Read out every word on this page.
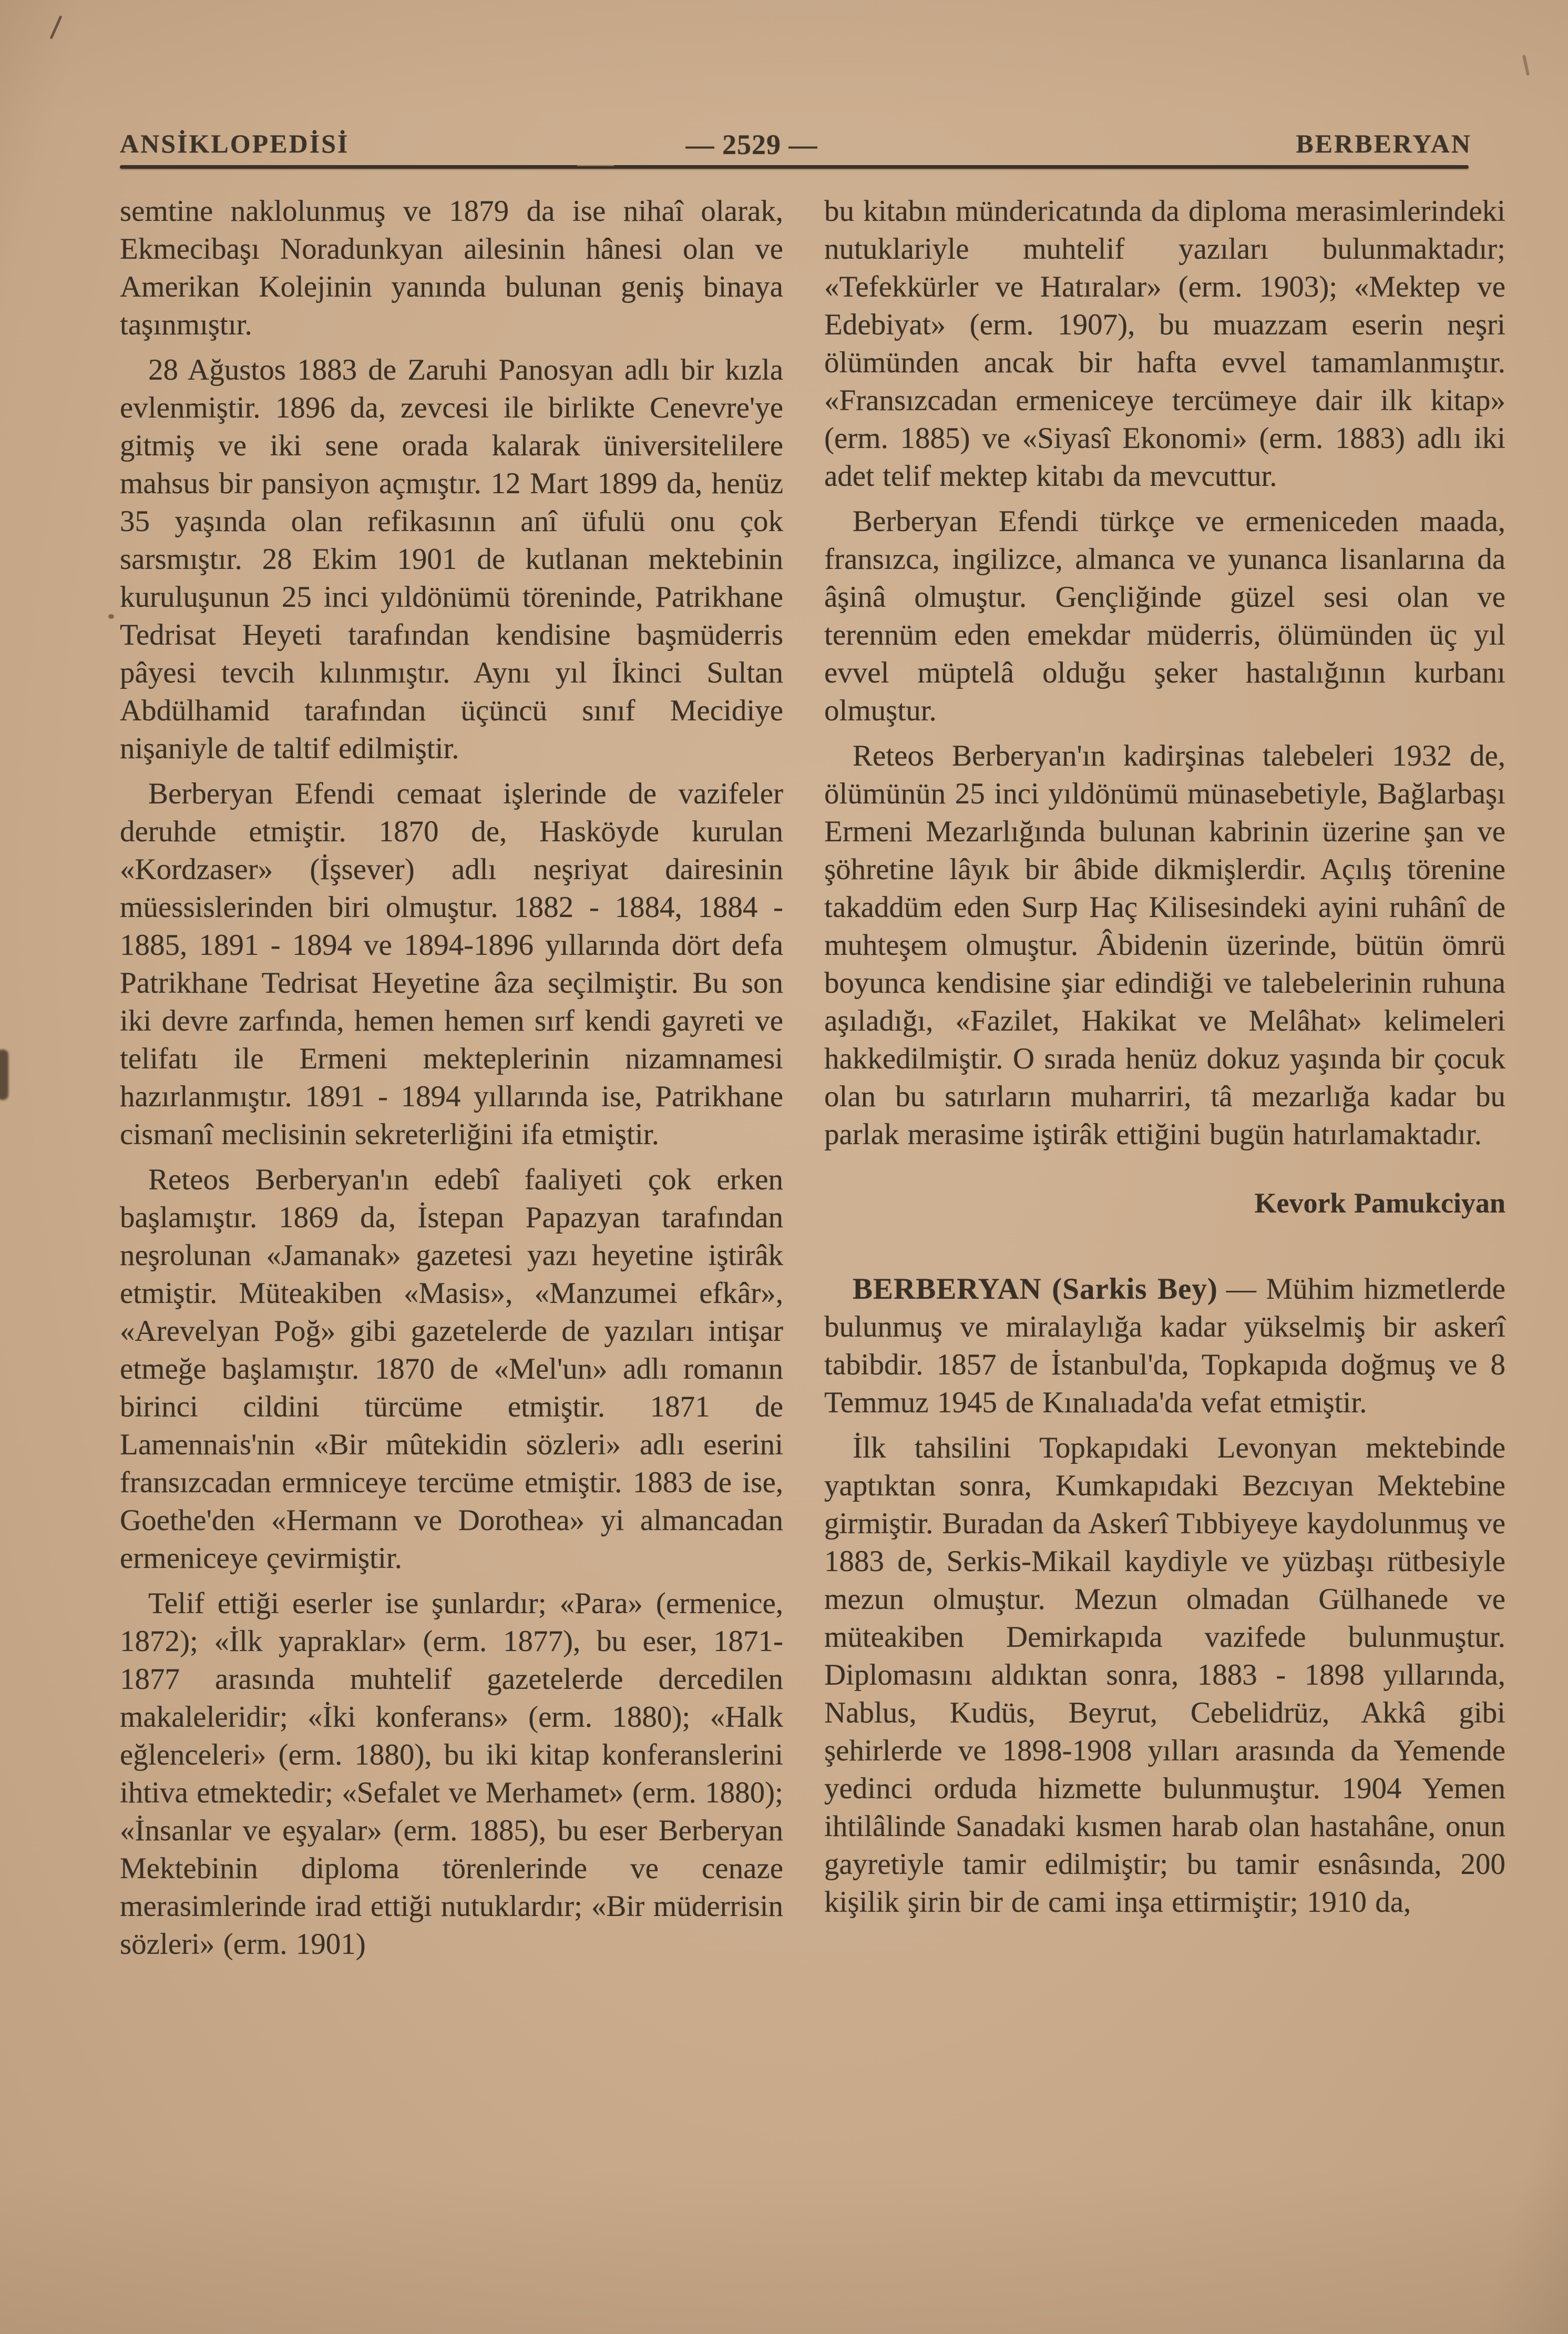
ANSİKLOPEDİSİ	— 2529 —	BERBERYAN

semtine naklolunmuş ve 1879 da ise nihaî olarak, Ekmecibaşı Noradunkyan ailesinin hânesi olan ve Amerikan Kolejinin yanında bulunan geniş binaya taşınmıştır.

28 Ağustos 1883 de Zaruhi Panosyan adlı bir kızla evlenmiştir. 1896 da, zevcesi ile birlikte Cenevre'ye gitmiş ve iki sene orada kalarak üniversitelilere mahsus bir pansiyon açmıştır. 12 Mart 1899 da, henüz 35 yaşında olan refikasının anî üfulü onu çok sarsmıştır. 28 Ekim 1901 de kutlanan mektebinin kuruluşunun 25 inci yıldönümü töreninde, Patrikhane Tedrisat Heyeti tarafından kendisine başmüderris pâyesi tevcih kılınmıştır. Aynı yıl İkinci Sultan Abdülhamid tarafından üçüncü sınıf Mecidiye nişaniyle de taltif edilmiştir.

Berberyan Efendi cemaat işlerinde de vazifeler deruhde etmiştir. 1870 de, Hasköyde kurulan «Kordzaser» (İşsever) adlı neşriyat dairesinin müessislerinden biri olmuştur. 1882 - 1884, 1884 - 1885, 1891 - 1894 ve 1894-1896 yıllarında dört defa Patrikhane Tedrisat Heyetine âza seçilmiştir. Bu son iki devre zarfında, hemen hemen sırf kendi gayreti ve telifatı ile Ermeni mekteplerinin nizamnamesi hazırlanmıştır. 1891 - 1894 yıllarında ise, Patrikhane cismanî meclisinin sekreterliğini ifa etmiştir.

Reteos Berberyan'ın edebî faaliyeti çok erken başlamıştır. 1869 da, İstepan Papazyan tarafından neşrolunan «Jamanak» gazetesi yazı heyetine iştirâk etmiştir. Müteakiben «Masis», «Manzumei efkâr», «Arevelyan Poğ» gibi gazetelerde de yazıları intişar etmeğe başlamıştır. 1870 de «Mel'un» adlı romanın birinci cildini türcüme etmiştir. 1871 de Lamennais'nin «Bir mûtekidin sözleri» adlı eserini fransızcadan ermniceye tercüme etmiştir. 1883 de ise, Goethe'den «Hermann ve Dorothea» yi almancadan ermeniceye çevirmiştir.

Telif ettiği eserler ise şunlardır; «Para» (ermenice, 1872); «İlk yapraklar» (erm. 1877), bu eser, 1871-1877 arasında muhtelif gazetelerde dercedilen makaleleridir; «İki konferans» (erm. 1880); «Halk eğlenceleri» (erm. 1880), bu iki kitap konferanslerini ihtiva etmektedir; «Sefalet ve Merhamet» (erm. 1880); «İnsanlar ve eşyalar» (erm. 1885), bu eser Berberyan Mektebinin diploma törenlerinde ve cenaze merasimlerinde irad ettiği nutuklardır; «Bir müderrisin sözleri» (erm. 1901)

bu kitabın mündericatında da diploma merasimlerindeki nutuklariyle muhtelif yazıları bulunmaktadır; «Tefekkürler ve Hatıralar» (erm. 1903); «Mektep ve Edebiyat» (erm. 1907), bu muazzam eserin neşri ölümünden ancak bir hafta evvel tamamlanmıştır. «Fransızcadan ermeniceye tercümeye dair ilk kitap» (erm. 1885) ve «Siyasî Ekonomi» (erm. 1883) adlı iki adet telif mektep kitabı da mevcuttur.

Berberyan Efendi türkçe ve ermeniceden maada, fransızca, ingilizce, almanca ve yunanca lisanlarına da âşinâ olmuştur. Gençliğinde güzel sesi olan ve terennüm eden emekdar müderris, ölümünden üç yıl evvel müptelâ olduğu şeker hastalığının kurbanı olmuştur.

Reteos Berberyan'ın kadirşinas talebeleri 1932 de, ölümünün 25 inci yıldönümü münasebetiyle, Bağlarbaşı Ermeni Mezarlığında bulunan kabrinin üzerine şan ve şöhretine lâyık bir âbide dikmişlerdir. Açılış törenine takaddüm eden Surp Haç Kilisesindeki ayini ruhânî de muhteşem olmuştur. Âbidenin üzerinde, bütün ömrü boyunca kendisine şiar edindiği ve talebelerinin ruhuna aşıladığı, «Fazilet, Hakikat ve Melâhat» kelimeleri hakkedilmiştir. O sırada henüz dokuz yaşında bir çocuk olan bu satırların muharriri, tâ mezarlığa kadar bu parlak merasime iştirâk ettiğini bugün hatırlamaktadır.

Kevork Pamukciyan

BERBERYAN (Sarkis Bey) — Mühim hizmetlerde bulunmuş ve miralaylığa kadar yükselmiş bir askerî tabibdir. 1857 de İstanbul'da, Topkapıda doğmuş ve 8 Temmuz 1945 de Kınalıada'da vefat etmiştir.

İlk tahsilini Topkapıdaki Levonyan mektebinde yaptıktan sonra, Kumkapıdaki Bezcıyan Mektebine girmiştir. Buradan da Askerî Tıbbiyeye kaydolunmuş ve 1883 de, Serkis-Mikail kaydiyle ve yüzbaşı rütbesiyle mezun olmuştur. Mezun olmadan Gülhanede ve müteakiben Demirkapıda vazifede bulunmuştur. Diplomasını aldıktan sonra, 1883 - 1898 yıllarında, Nablus, Kudüs, Beyrut, Cebelidrüz, Akkâ gibi şehirlerde ve 1898-1908 yılları arasında da Yemende yedinci orduda hizmette bulunmuştur. 1904 Yemen ihtilâlinde Sanadaki kısmen harab olan hastahâne, onun gayretiyle tamir edilmiştir; bu tamir esnâsında, 200 kişilik şirin bir de cami inşa ettirmiştir; 1910 da,
